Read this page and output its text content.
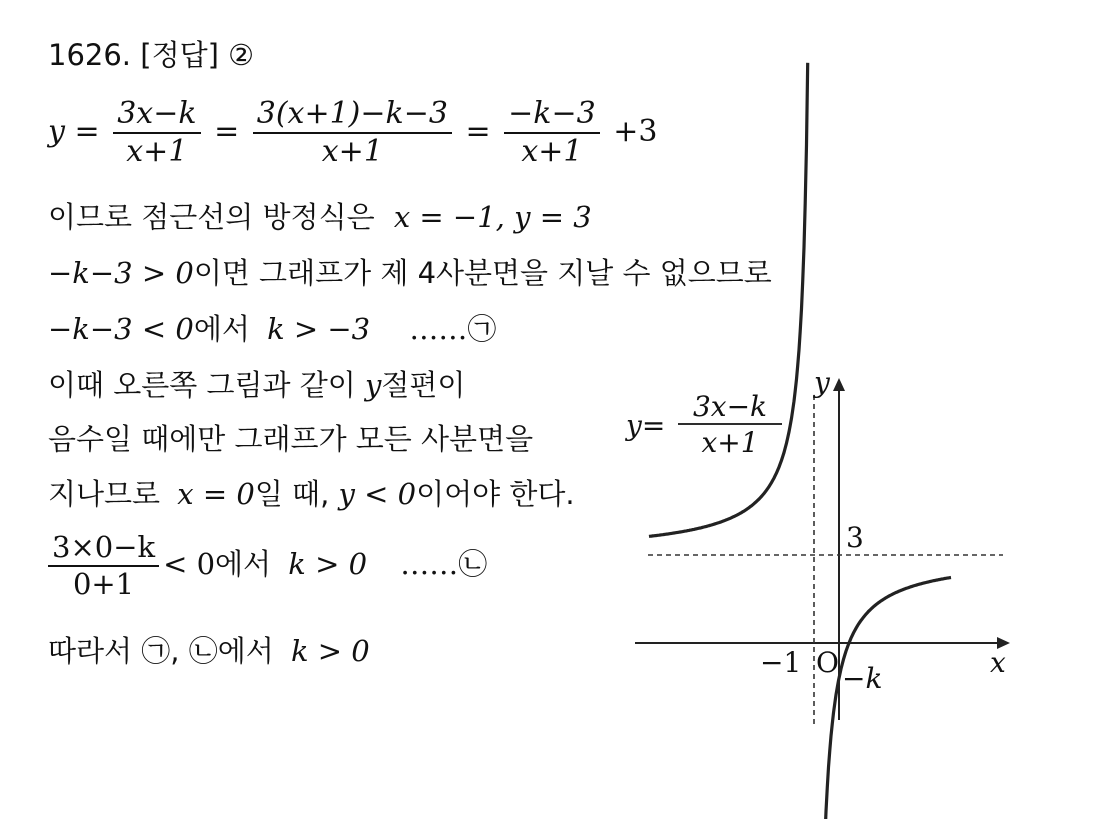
1626. [정답] ②
$y = \frac{3x-k}{x+1} = \frac{3(x+1)-k-3}{x+1} = \frac{-k-3}{x+1} +3$
이므로 점근선의 방정식은 x = −1, y = 3
−k−3 > 0이면 그래프가 제 4사분면을 지날 수 없으므로
−k−3 < 0에서 k > −3 ……㉠
이때 오른쪽 그림과 같이 y절편이
음수일 때에만 그래프가 모든 사분면을
지나므로 x = 0일 때, y < 0이어야 한다.
$\frac{3\times 0-k}{0+1} < 0$에서 k > 0 ……㉡
따라서 ㉠, ㉡에서 k > 0
y=
3x−k
x+1
y
x
3
−1 O −k
